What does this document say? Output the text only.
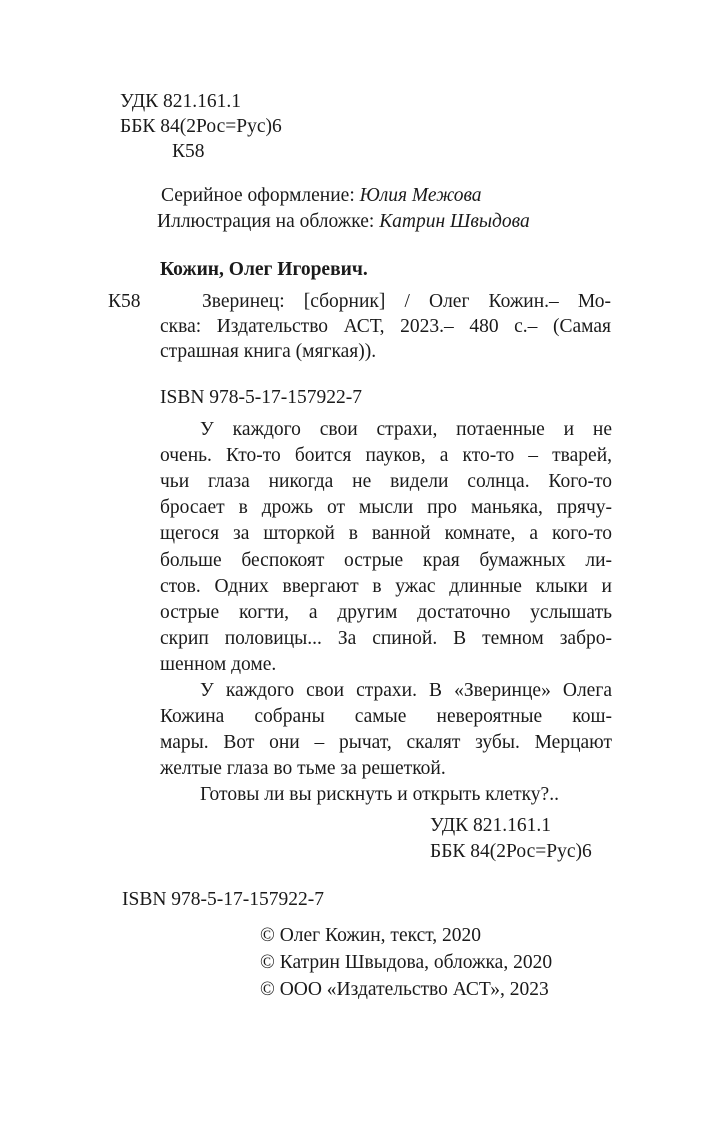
УДК 821.161.1
ББК 84(2Рос=Рус)6
К58
Серийное оформление: Юлия Межова
Иллюстрация на обложке: Катрин Швыдова
Кожин, Олег Игоревич.
К58	Зверинец: [сборник] / Олег Кожин.– Мо-
сква: Издательство АСТ, 2023.– 480 с.– (Самая
страшная книга (мягкая)).
ISBN 978-5-17-157922-7
У каждого свои страхи, потаенные и не
очень. Кто-то боится пауков, а кто-то – тварей,
чьи глаза никогда не видели солнца. Кого-то
бросает в дрожь от мысли про маньяка, прячу-
щегося за шторкой в ванной комнате, а кого-то
больше беспокоят острые края бумажных ли-
стов. Одних ввергают в ужас длинные клыки и
острые когти, а другим достаточно услышать
скрип половицы... За спиной. В темном забро-
шенном доме.
У каждого свои страхи. В «Зверинце» Олега
Кожина собраны самые невероятные кош-
мары. Вот они – рычат, скалят зубы. Мерцают
желтые глаза во тьме за решеткой.
Готовы ли вы рискнуть и открыть клетку?..
УДК 821.161.1
ББК 84(2Рос=Рус)6
ISBN 978-5-17-157922-7
© Олег Кожин, текст, 2020
© Катрин Швыдова, обложка, 2020
© ООО «Издательство АСТ», 2023
